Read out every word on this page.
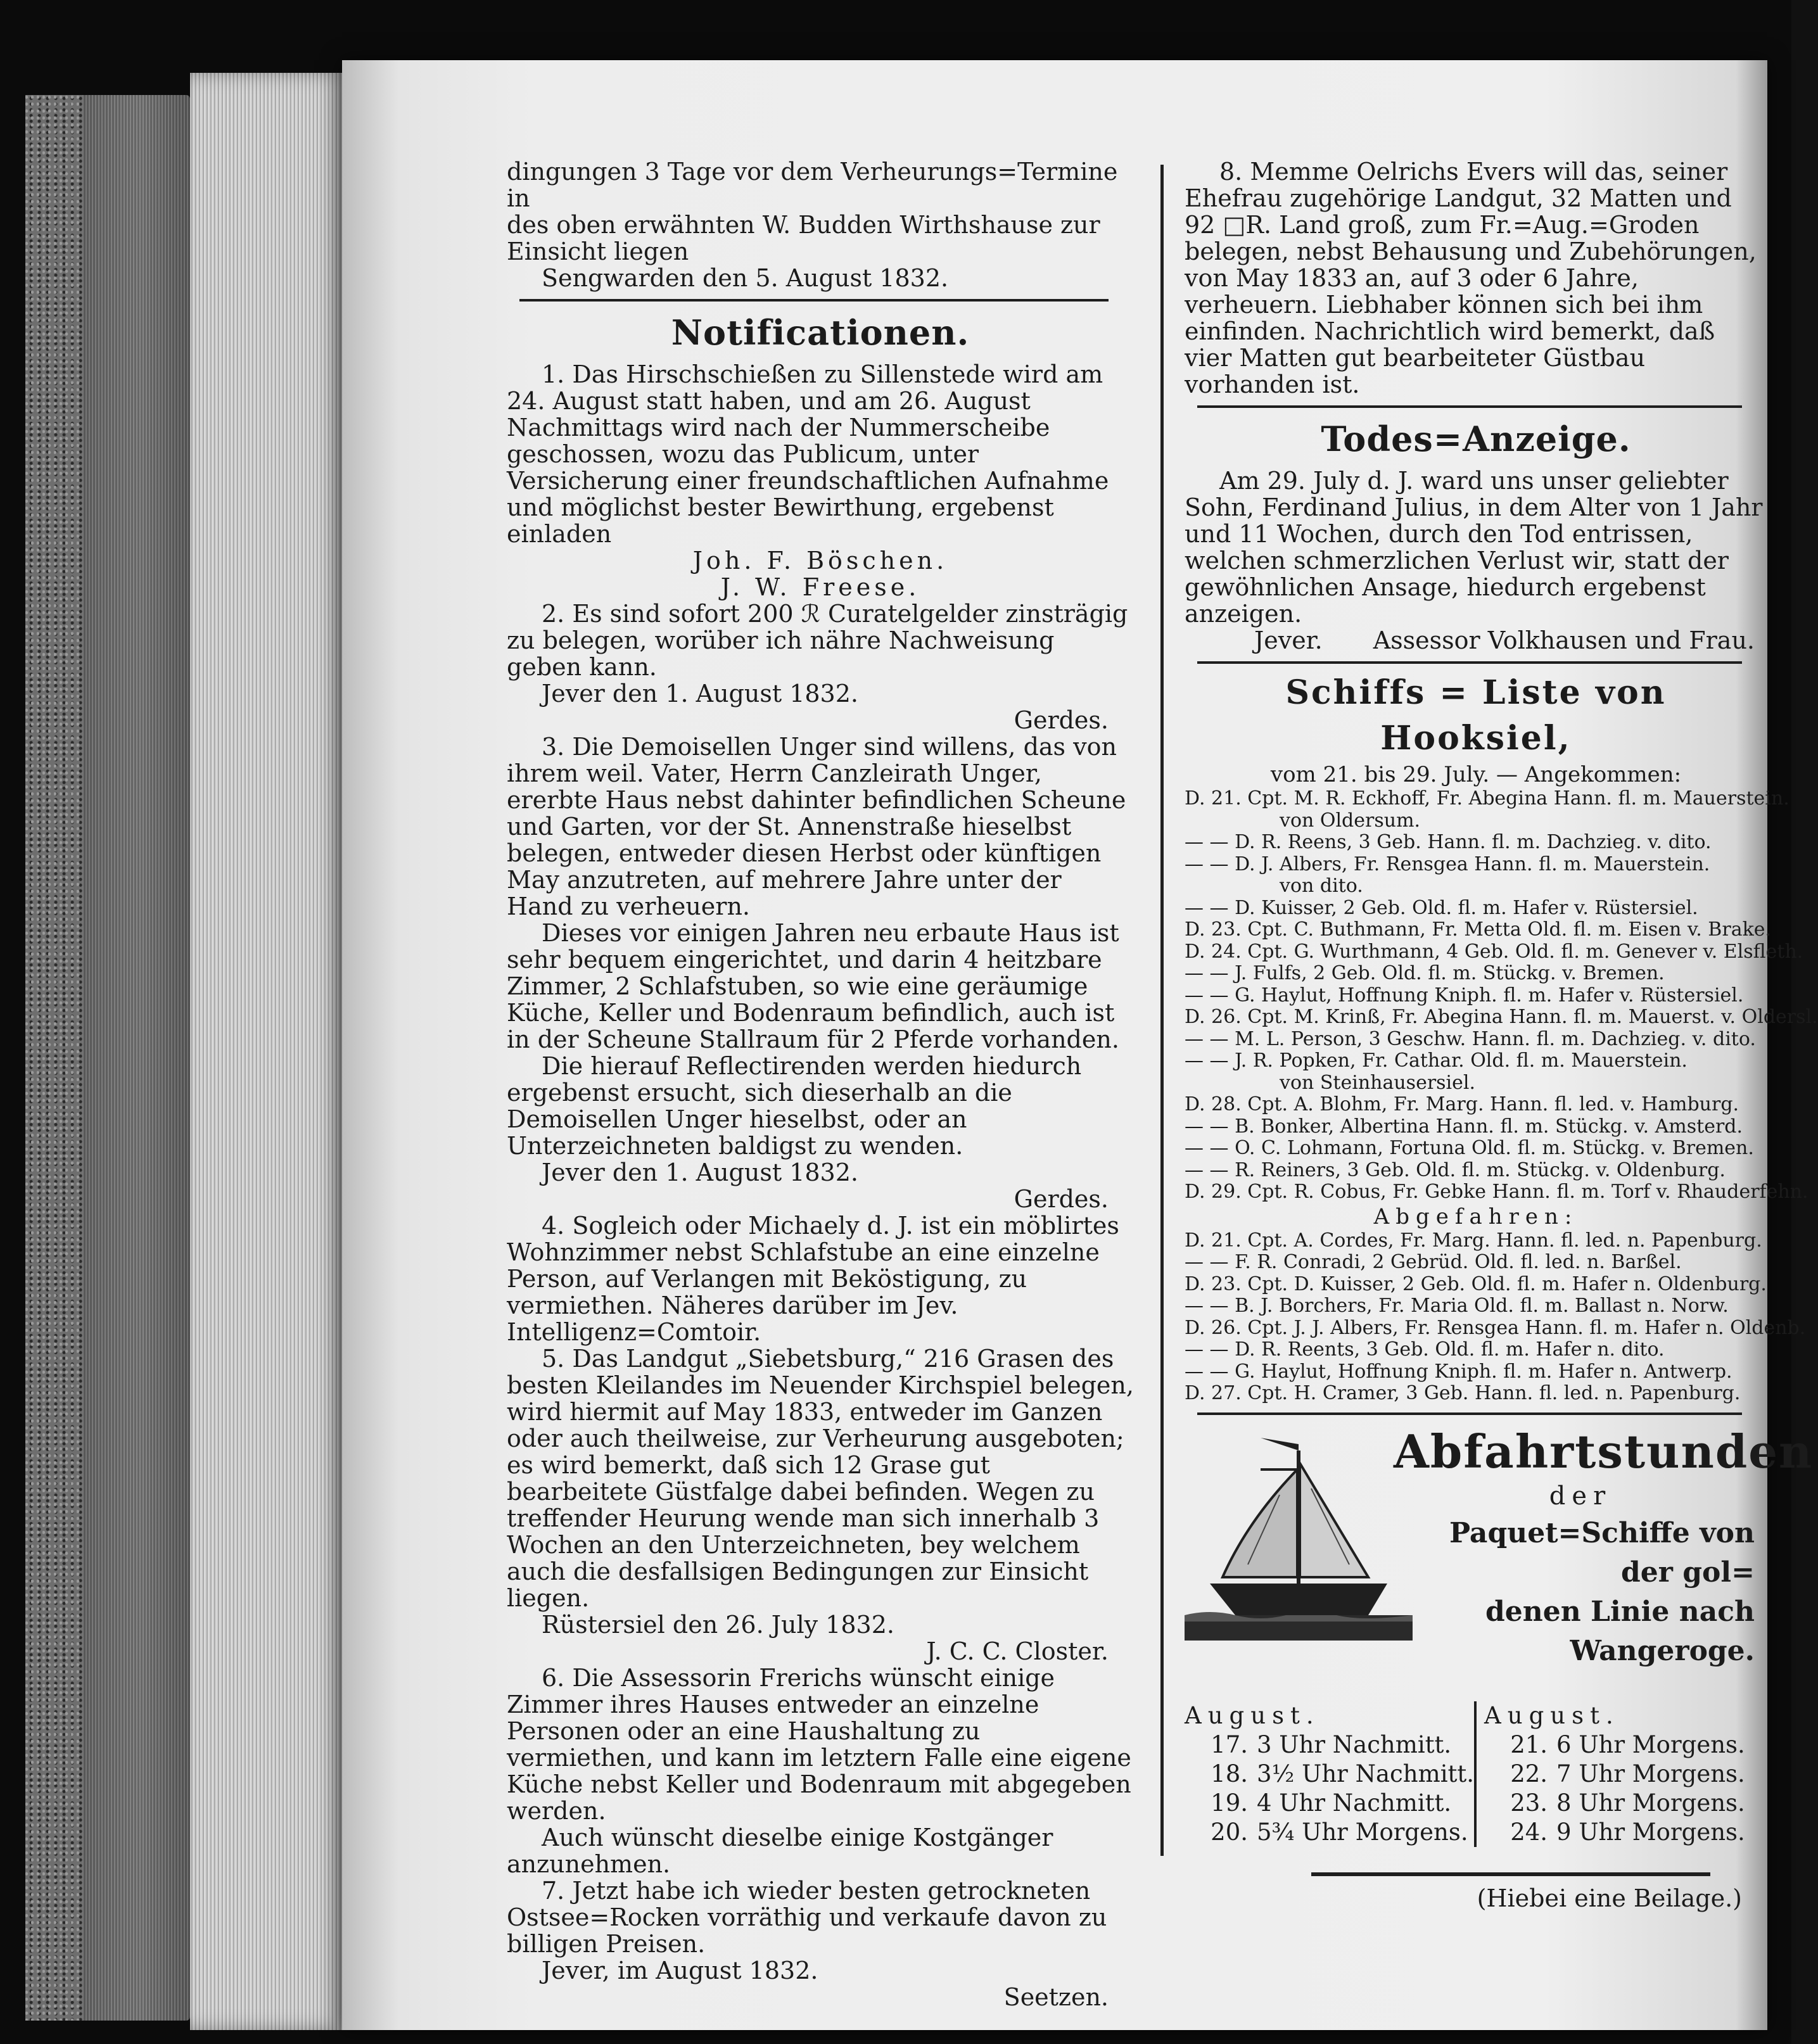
dingungen 3 Tage vor dem Verheurungs=Termine in

des oben erwähnten W. Budden Wirthshause zur

Einsicht liegen

Sengwarden den 5. August 1832.

Notificationen.

1. Das Hirschschießen zu Sillenstede wird am 24. August statt haben, und am 26. August Nachmittags wird nach der Nummerscheibe geschossen, wozu das Publicum, unter Versicherung einer freundschaftlichen Aufnahme und möglichst bester Bewirthung, ergebenst einladen

Joh. F. Böschen.

J. W. Freese.

2. Es sind sofort 200 ℛ Curatelgelder zinsträgig zu belegen, worüber ich nähre Nachweisung geben kann.

Jever den 1. August 1832.

Gerdes.

3. Die Demoisellen Unger sind willens, das von ihrem weil. Vater, Herrn Canzleirath Unger, ererbte Haus nebst dahinter befindlichen Scheune und Garten, vor der St. Annenstraße hieselbst belegen, entweder diesen Herbst oder künftigen May anzutreten, auf mehrere Jahre unter der Hand zu verheuern.

Dieses vor einigen Jahren neu erbaute Haus ist sehr bequem eingerichtet, und darin 4 heitzbare Zimmer, 2 Schlafstuben, so wie eine geräumige Küche, Keller und Bodenraum befindlich, auch ist in der Scheune Stallraum für 2 Pferde vorhanden.

Die hierauf Reflectirenden werden hiedurch ergebenst ersucht, sich dieserhalb an die Demoisellen Unger hieselbst, oder an Unterzeichneten baldigst zu wenden.

Jever den 1. August 1832.

Gerdes.

4. Sogleich oder Michaely d. J. ist ein möblirtes Wohnzimmer nebst Schlafstube an eine einzelne Person, auf Verlangen mit Beköstigung, zu vermiethen. Näheres darüber im Jev. Intelligenz=Comtoir.

5. Das Landgut „Siebetsburg,“ 216 Grasen des besten Kleilandes im Neuender Kirchspiel belegen, wird hiermit auf May 1833, entweder im Ganzen oder auch theilweise, zur Verheurung ausgeboten; es wird bemerkt, daß sich 12 Grase gut bearbeitete Güstfalge dabei befinden. Wegen zu treffender Heurung wende man sich innerhalb 3 Wochen an den Unterzeichneten, bey welchem auch die desfallsigen Bedingungen zur Einsicht liegen.

Rüstersiel den 26. July 1832.

J. C. C. Closter.

6. Die Assessorin Frerichs wünscht einige Zimmer ihres Hauses entweder an einzelne Personen oder an eine Haushaltung zu vermiethen, und kann im letztern Falle eine eigene Küche nebst Keller und Bodenraum mit abgegeben werden.

Auch wünscht dieselbe einige Kostgänger anzunehmen.

7. Jetzt habe ich wieder besten getrockneten Ostsee=Rocken vorräthig und verkaufe davon zu billigen Preisen.

Jever, im August 1832.

Seetzen.

8. Memme Oelrichs Evers will das, seiner Ehefrau zugehörige Landgut, 32 Matten und 92 □R. Land groß, zum Fr.=Aug.=Groden belegen, nebst Behausung und Zubehörungen, von May 1833 an, auf 3 oder 6 Jahre, verheuern. Liebhaber können sich bei ihm einfinden. Nachrichtlich wird bemerkt, daß vier Matten gut bearbeiteter Güstbau vorhanden ist.

Todes=Anzeige.

Am 29. July d. J. ward uns unser geliebter Sohn, Ferdinand Julius, in dem Alter von 1 Jahr und 11 Wochen, durch den Tod entrissen, welchen schmerzlichen Verlust wir, statt der gewöhnlichen Ansage, hiedurch ergebenst anzeigen.

Jever. Assessor Volkhausen und Frau.

Schiffs = Liste von Hooksiel,

vom 21. bis 29. July. — Angekommen:

D. 21. Cpt. M. R. Eckhoff, Fr. Abegina Hann. fl. m. Mauerstein.

von Oldersum.

— — D. R. Reens, 3 Geb. Hann. fl. m. Dachzieg. v. dito.

— — D. J. Albers, Fr. Rensgea Hann. fl. m. Mauerstein.

von dito.

— — D. Kuisser, 2 Geb. Old. fl. m. Hafer v. Rüstersiel.

D. 23. Cpt. C. Buthmann, Fr. Metta Old. fl. m. Eisen v. Brake.

D. 24. Cpt. G. Wurthmann, 4 Geb. Old. fl. m. Genever v. Elsfleth.

— — J. Fulfs, 2 Geb. Old. fl. m. Stückg. v. Bremen.

— — G. Haylut, Hoffnung Kniph. fl. m. Hafer v. Rüstersiel.

D. 26. Cpt. M. Krinß, Fr. Abegina Hann. fl. m. Mauerst. v. Oldersl.

— — M. L. Person, 3 Geschw. Hann. fl. m. Dachzieg. v. dito.

— — J. R. Popken, Fr. Cathar. Old. fl. m. Mauerstein.

von Steinhausersiel.

D. 28. Cpt. A. Blohm, Fr. Marg. Hann. fl. led. v. Hamburg.

— — B. Bonker, Albertina Hann. fl. m. Stückg. v. Amsterd.

— — O. C. Lohmann, Fortuna Old. fl. m. Stückg. v. Bremen.

— — R. Reiners, 3 Geb. Old. fl. m. Stückg. v. Oldenburg.

D. 29. Cpt. R. Cobus, Fr. Gebke Hann. fl. m. Torf v. Rhauderfehn.

Abgefahren:

D. 21. Cpt. A. Cordes, Fr. Marg. Hann. fl. led. n. Papenburg.

— — F. R. Conradi, 2 Gebrüd. Old. fl. led. n. Barßel.

D. 23. Cpt. D. Kuisser, 2 Geb. Old. fl. m. Hafer n. Oldenburg.

— — B. J. Borchers, Fr. Maria Old. fl. m. Ballast n. Norw.

D. 26. Cpt. J. J. Albers, Fr. Rensgea Hann. fl. m. Hafer n. Oldenb.

— — D. R. Reents, 3 Geb. Old. fl. m. Hafer n. dito.

— — G. Haylut, Hoffnung Kniph. fl. m. Hafer n. Antwerp.

D. 27. Cpt. H. Cramer, 3 Geb. Hann. fl. led. n. Papenburg.

Abfahrtstunden

der

Paquet=Schiffe von der gol=

denen Linie nach Wangeroge.

August.
17. 3 Uhr Nachmitt.
18. 3½ Uhr Nachmitt.
19. 4 Uhr Nachmitt.
20. 5¾ Uhr Morgens.
August.
21. 6 Uhr Morgens.
22. 7 Uhr Morgens.
23. 8 Uhr Morgens.
24. 9 Uhr Morgens.

(Hiebei eine Beilage.)
